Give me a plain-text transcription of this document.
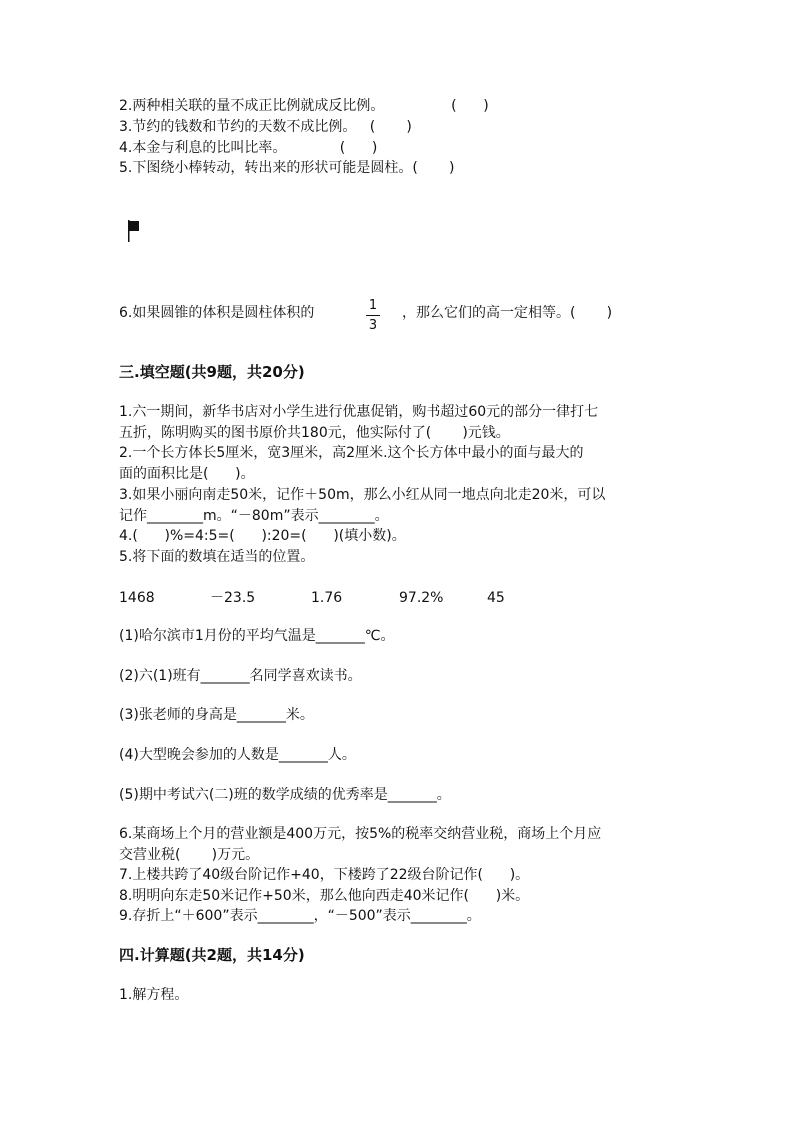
2.两种相关联的量不成正比例就成反比例。               (      )
3.节约的钱数和节约的天数不成比例。   (       )
4.本金与利息的比叫比率。            (      )
5.下图绕小棒转动，转出来的形状可能是圆柱。(       )
6.如果圆锥的体积是圆柱体积的	1
3
，那么它们的高一定相等。(       )
三.填空题(共9题，共20分)
1.六一期间，新华书店对小学生进行优惠促销，购书超过60元的部分一律打七
五折，陈明购买的图书原价共180元，他实际付了(       )元钱。
2.一个长方体长5厘米，宽3厘米，高2厘米.这个长方体中最小的面与最大的
面的面积比是(      )。
3.如果小丽向南走50米，记作＋50m，那么小红从同一地点向北走20米，可以
记作________m。“－80m”表示________。
4.(      )%=4:5=(      ):20=(      )(填小数)。
5.将下面的数填在适当的位置。
1468	－23.5	1.76	97.2%	45
(1)哈尔滨市1月份的平均气温是_______℃。
(2)六(1)班有_______名同学喜欢读书。
(3)张老师的身高是_______米。
(4)大型晚会参加的人数是_______人。
(5)期中考试六(二)班的数学成绩的优秀率是_______。
6.某商场上个月的营业额是400万元，按5%的税率交纳营业税，商场上个月应
交营业税(       )万元。
7.上楼共跨了40级台阶记作+40，下楼跨了22级台阶记作(      )。
8.明明向东走50米记作+50米，那么他向西走40米记作(      )米。
9.存折上“＋600”表示________，“－500”表示________。
四.计算题(共2题，共14分)
1.解方程。
